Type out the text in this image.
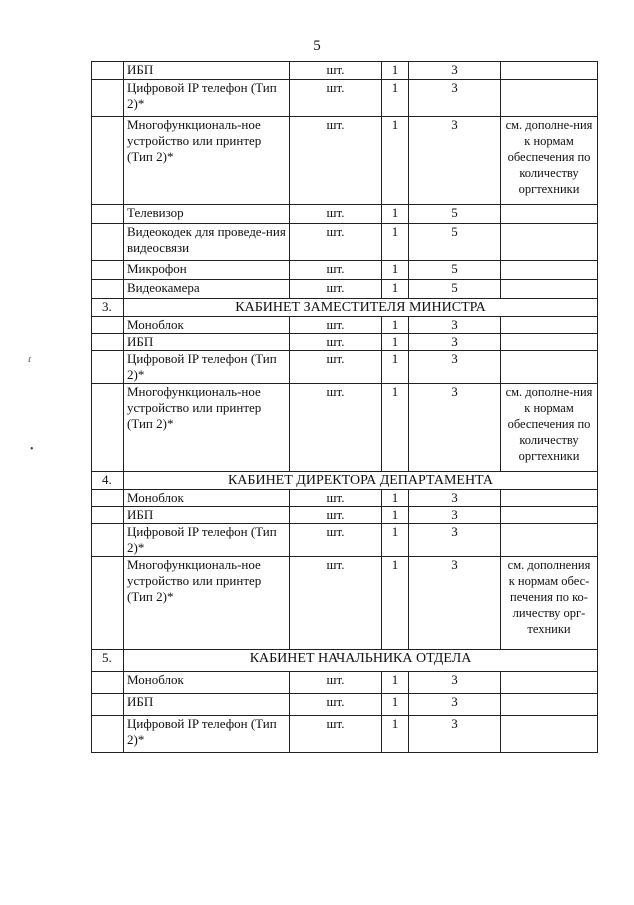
5
	ИБП	шт.	1	3	
	Цифровой IP телефон (Тип 2)*	шт.	1	3	
	Многофункциональ-ное устройство или принтер (Тип 2)*	шт.	1	3	см. дополне-ния к нормам обеспечения по количеству оргтехники
	Телевизор	шт.	1	5	
	Видеокодек для проведе-ния видеосвязи	шт.	1	5	
	Микрофон	шт.	1	5	
	Видеокамера	шт.	1	5	
3.	КАБИНЕТ ЗАМЕСТИТЕЛЯ МИНИСТРА				
	Моноблок	шт.	1	3	
	ИБП	шт.	1	3	
	Цифровой IP телефон (Тип 2)*	шт.	1	3	
	Многофункциональ-ное устройство или принтер (Тип 2)*	шт.	1	3	см. дополне-ния к нормам обеспечения по количеству оргтехники
4.	КАБИНЕТ ДИРЕКТОРА ДЕПАРТАМЕНТА				
	Моноблок	шт.	1	3	
	ИБП	шт.	1	3	
	Цифровой IP телефон (Тип 2)*	шт.	1	3	
	Многофункциональ-ное устройство или принтер (Тип 2)*	шт.	1	3	см. дополнения к нормам обес-печения по ко-личеству орг-техники
5.	КАБИНЕТ НАЧАЛЬНИКА ОТДЕЛА				
	Моноблок	шт.	1	3	
	ИБП	шт.	1	3	
	Цифровой IP телефон (Тип 2)*	шт.	1	3	
ɾ
•
